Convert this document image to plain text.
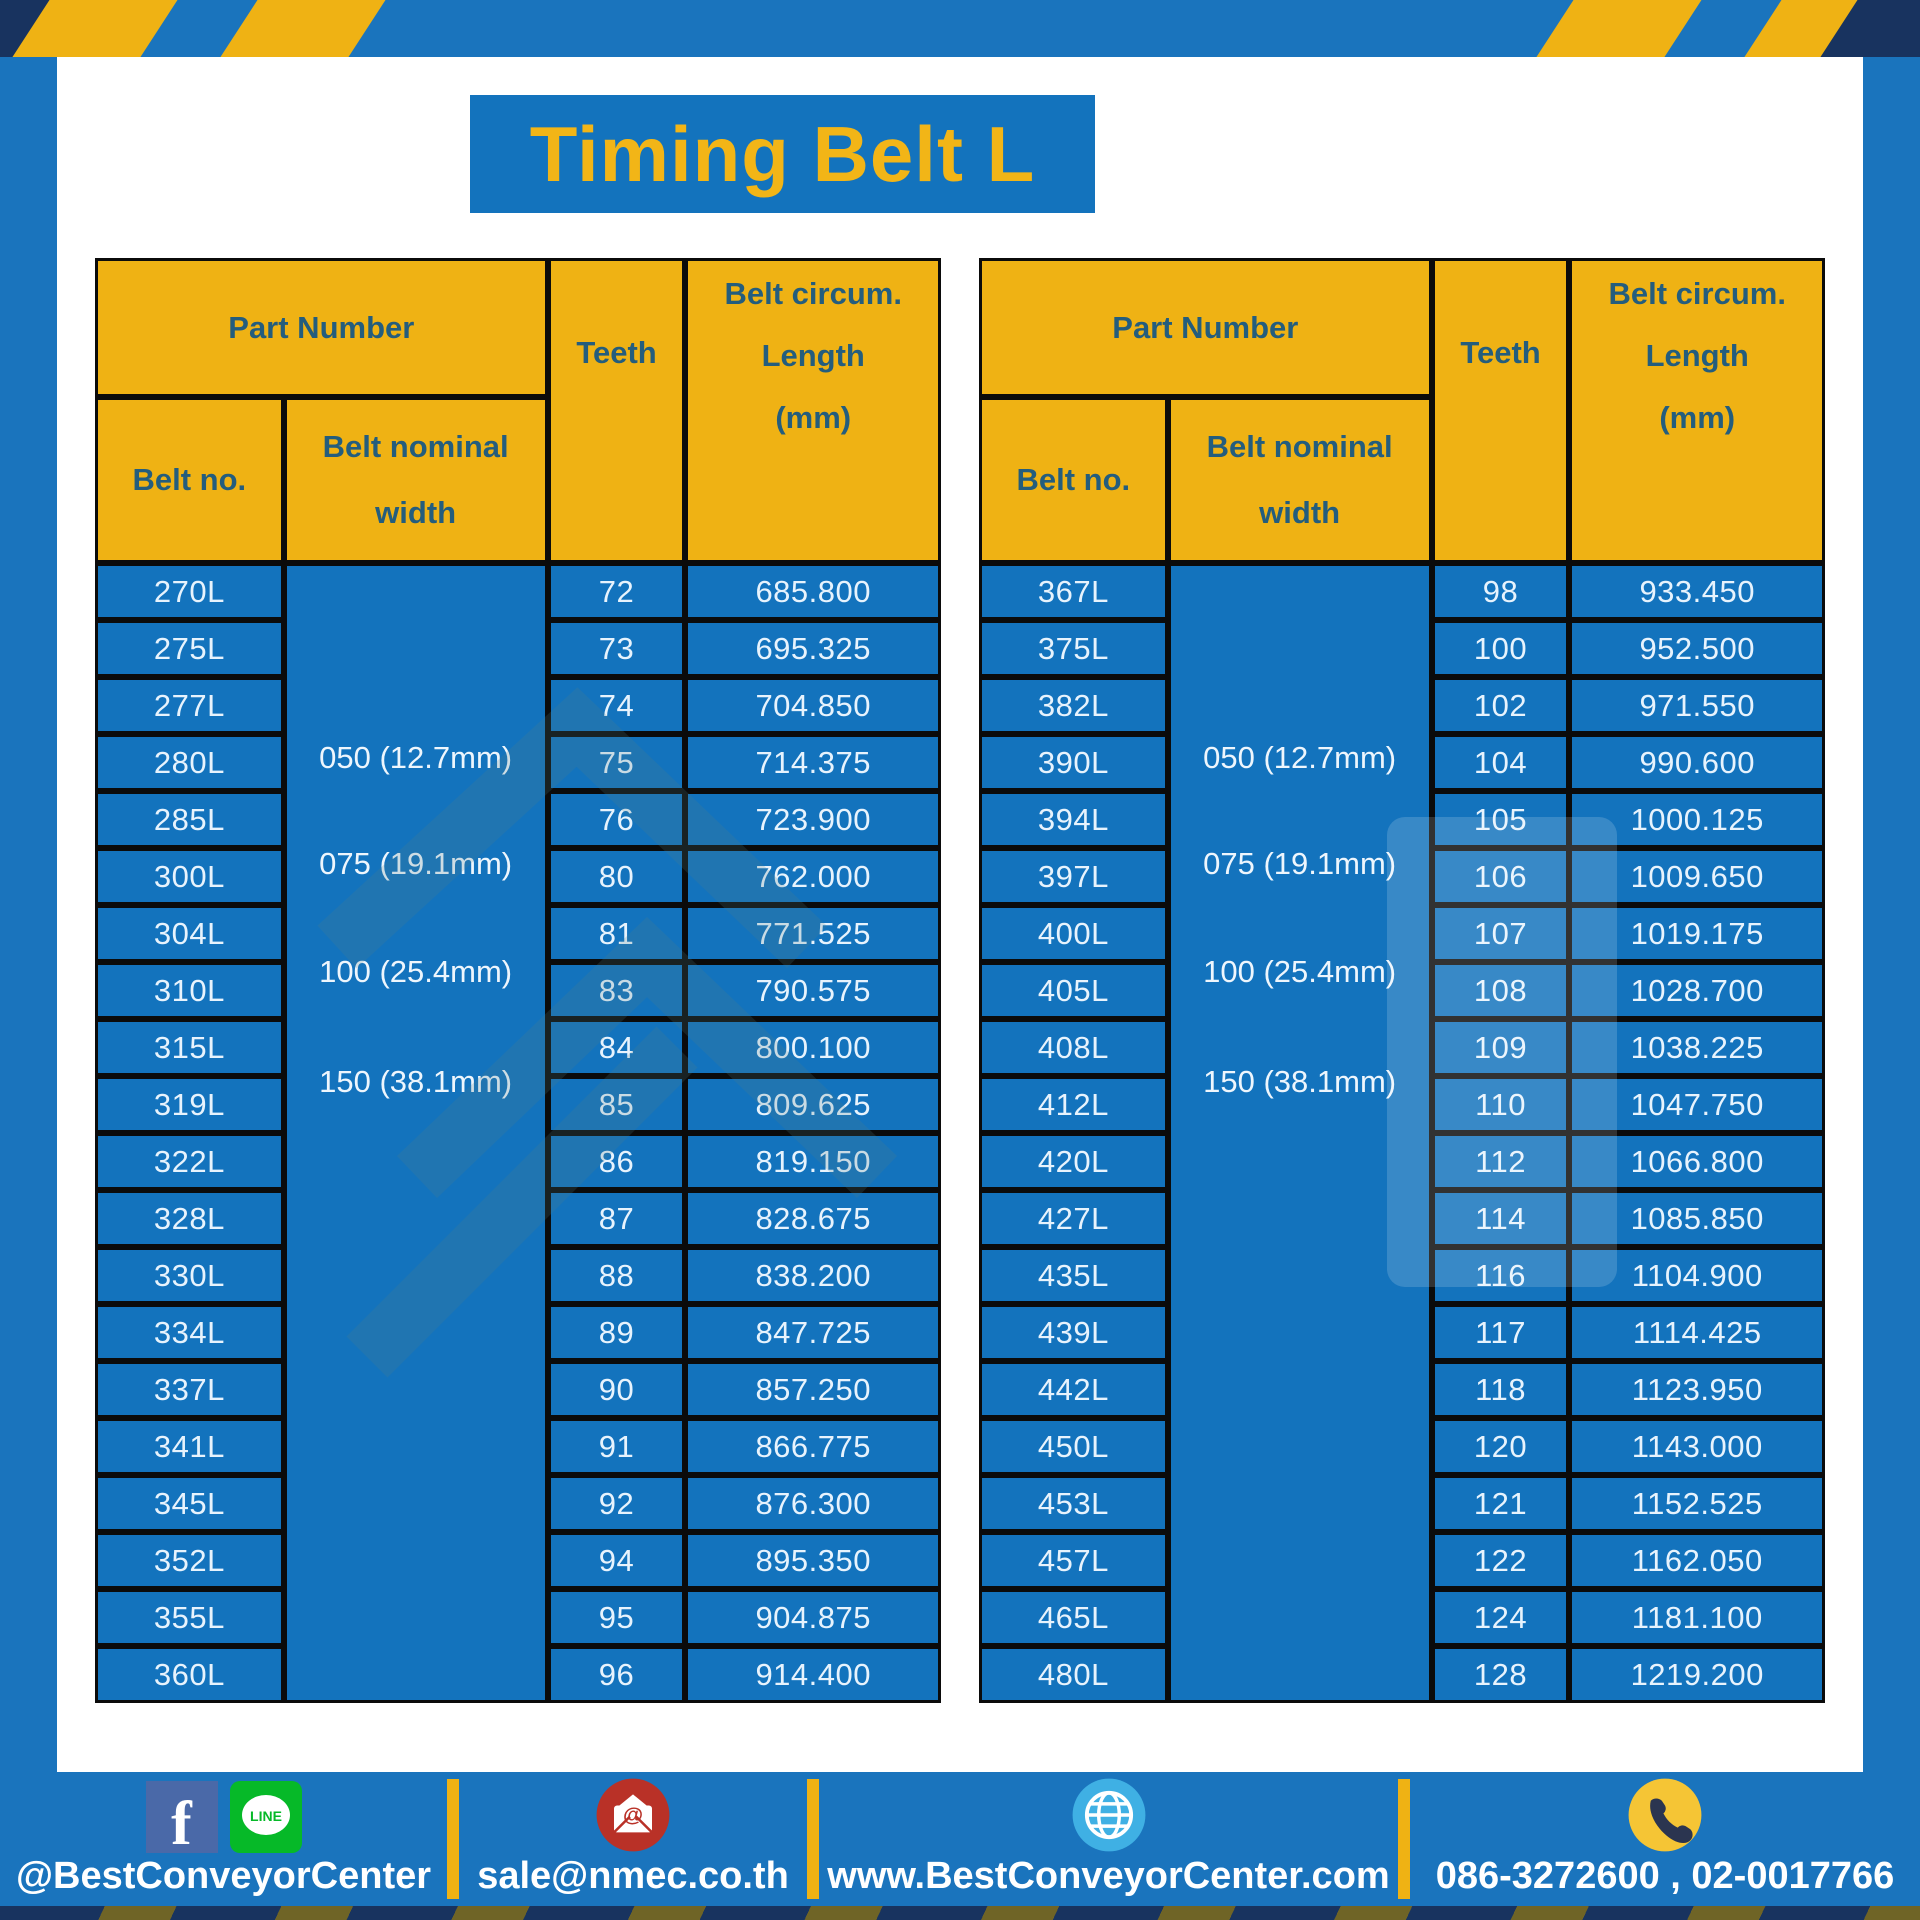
Timing Belt L
Part Number
Belt no.
Belt nominal
width
Teeth
Belt circum.
Length
(mm)
270L
275L
277L
280L
285L
300L
304L
310L
315L
319L
322L
328L
330L
334L
337L
341L
345L
352L
355L
360L
050 (12.7mm)
075 (19.1mm)
100 (25.4mm)
150 (38.1mm)
72
73
74
75
76
80
81
83
84
85
86
87
88
89
90
91
92
94
95
96
685.800
695.325
704.850
714.375
723.900
762.000
771.525
790.575
800.100
809.625
819.150
828.675
838.200
847.725
857.250
866.775
876.300
895.350
904.875
914.400
Part Number
Belt no.
Belt nominal
width
Teeth
Belt circum.
Length
(mm)
367L
375L
382L
390L
394L
397L
400L
405L
408L
412L
420L
427L
435L
439L
442L
450L
453L
457L
465L
480L
050 (12.7mm)
075 (19.1mm)
100 (25.4mm)
150 (38.1mm)
98
100
102
104
105
106
107
108
109
110
112
114
116
117
118
120
121
122
124
128
933.450
952.500
971.550
990.600
1000.125
1009.650
1019.175
1028.700
1038.225
1047.750
1066.800
1085.850
1104.900
1114.425
1123.950
1143.000
1152.525
1162.050
1181.100
1219.200
f	LINE
@BestConveyorCenter
@
sale@nmec.co.th www.BestConveyorCenter.com 086-3272600 , 02-0017766
